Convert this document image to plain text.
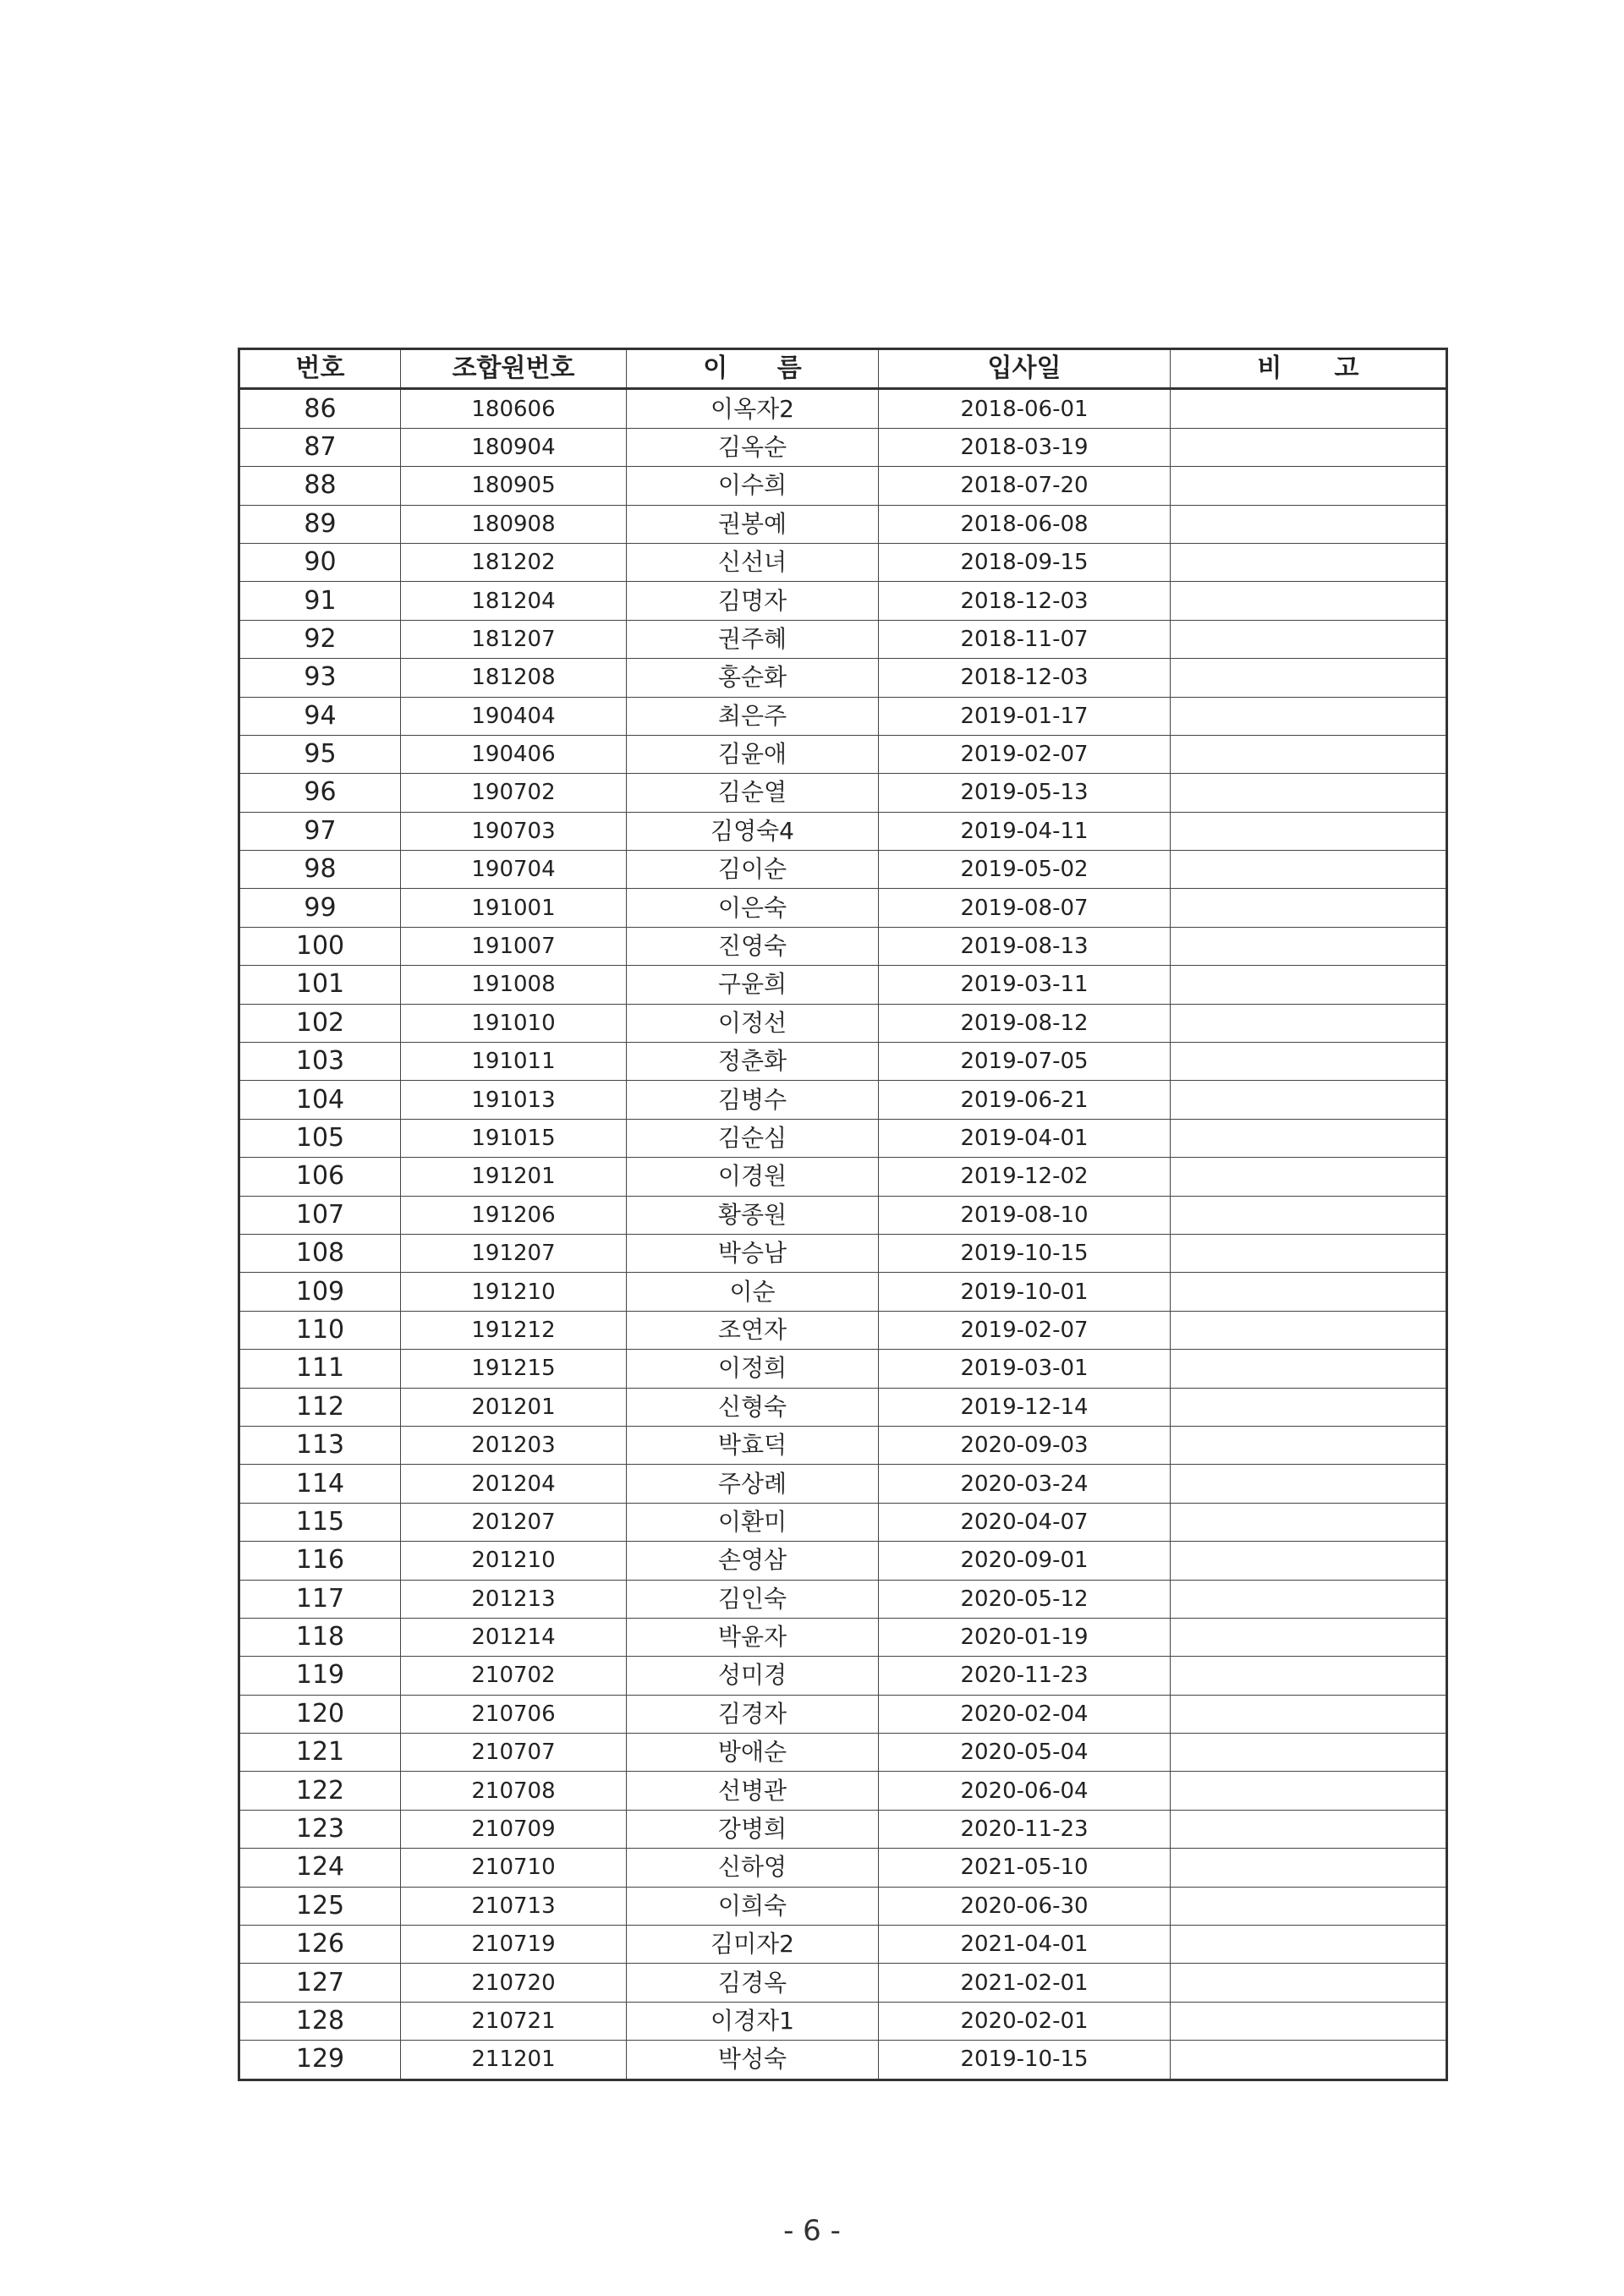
번호	조합원번호	이 름	입사일	비 고
86	180606	이옥자2	2018-06-01	
87	180904	김옥순	2018-03-19	
88	180905	이수희	2018-07-20	
89	180908	권봉예	2018-06-08	
90	181202	신선녀	2018-09-15	
91	181204	김명자	2018-12-03	
92	181207	권주혜	2018-11-07	
93	181208	홍순화	2018-12-03	
94	190404	최은주	2019-01-17	
95	190406	김윤애	2019-02-07	
96	190702	김순열	2019-05-13	
97	190703	김영숙4	2019-04-11	
98	190704	김이순	2019-05-02	
99	191001	이은숙	2019-08-07	
100	191007	진영숙	2019-08-13	
101	191008	구윤희	2019-03-11	
102	191010	이정선	2019-08-12	
103	191011	정춘화	2019-07-05	
104	191013	김병수	2019-06-21	
105	191015	김순심	2019-04-01	
106	191201	이경원	2019-12-02	
107	191206	황종원	2019-08-10	
108	191207	박승남	2019-10-15	
109	191210	이순	2019-10-01	
110	191212	조연자	2019-02-07	
111	191215	이정희	2019-03-01	
112	201201	신형숙	2019-12-14	
113	201203	박효덕	2020-09-03	
114	201204	주상례	2020-03-24	
115	201207	이환미	2020-04-07	
116	201210	손영삼	2020-09-01	
117	201213	김인숙	2020-05-12	
118	201214	박윤자	2020-01-19	
119	210702	성미경	2020-11-23	
120	210706	김경자	2020-02-04	
121	210707	방애순	2020-05-04	
122	210708	선병관	2020-06-04	
123	210709	강병희	2020-11-23	
124	210710	신하영	2021-05-10	
125	210713	이희숙	2020-06-30	
126	210719	김미자2	2021-04-01	
127	210720	김경옥	2021-02-01	
128	210721	이경자1	2020-02-01	
129	211201	박성숙	2019-10-15	
- 6 -
